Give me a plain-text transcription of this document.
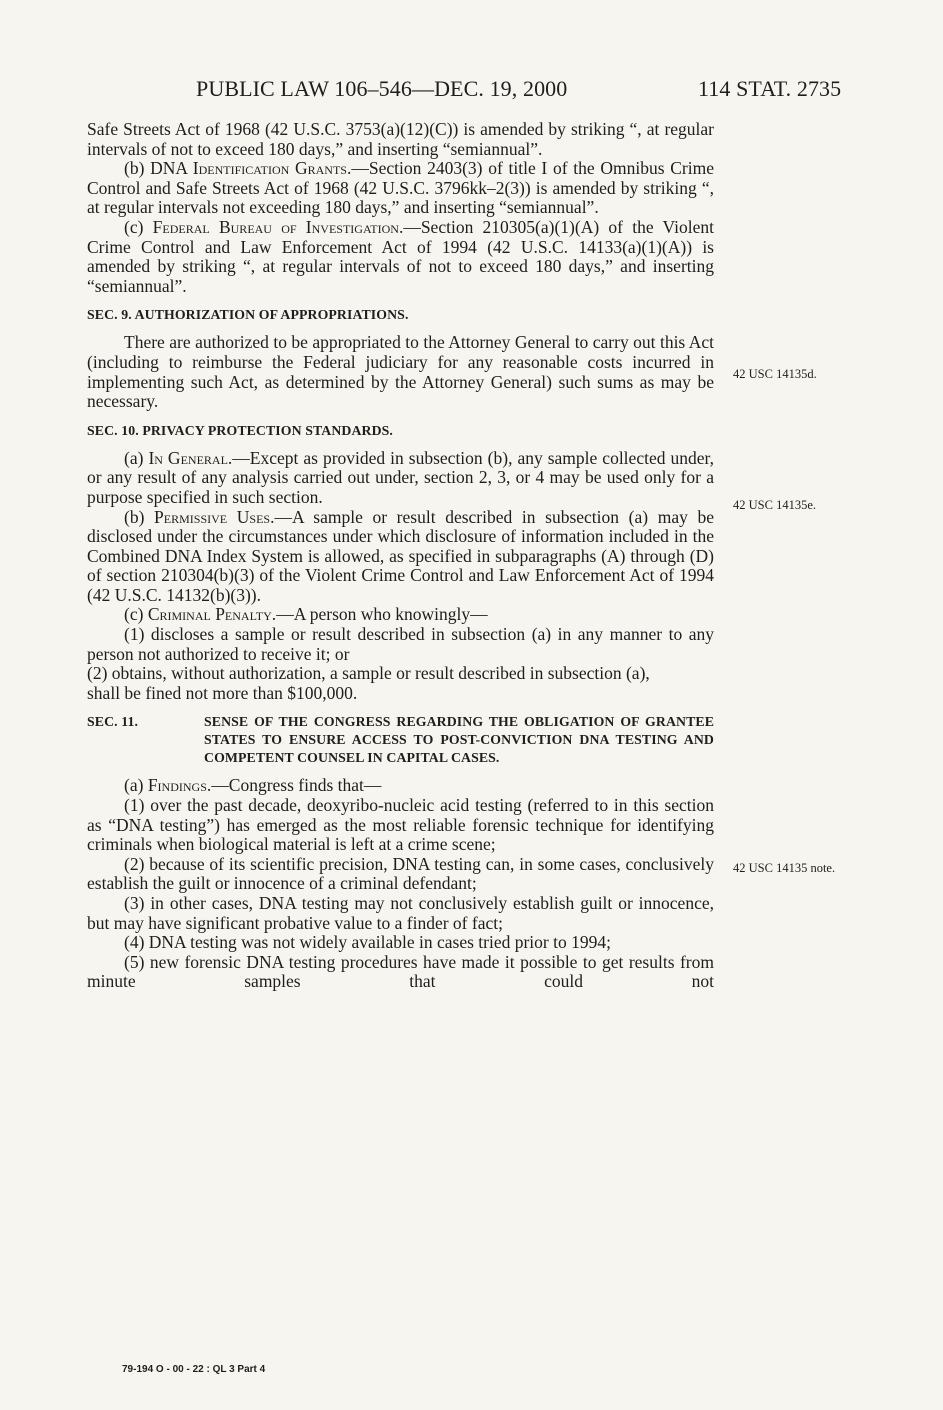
PUBLIC LAW 106–546—DEC. 19, 2000	114 STAT. 2735

Safe Streets Act of 1968 (42 U.S.C. 3753(a)(12)(C)) is amended by striking “, at regular intervals of not to exceed 180 days,” and inserting “semiannual”.

(b) DNA Identification Grants.—Section 2403(3) of title I of the Omnibus Crime Control and Safe Streets Act of 1968 (42 U.S.C. 3796kk–2(3)) is amended by striking “, at regular intervals not exceeding 180 days,” and inserting “semiannual”.

(c) Federal Bureau of Investigation.—Section 210305(a)(1)(A) of the Violent Crime Control and Law Enforcement Act of 1994 (42 U.S.C. 14133(a)(1)(A)) is amended by striking “, at regular intervals of not to exceed 180 days,” and inserting “semiannual”.

SEC. 9. AUTHORIZATION OF APPROPRIATIONS.

There are authorized to be appropriated to the Attorney General to carry out this Act (including to reimburse the Federal judiciary for any reasonable costs incurred in implementing such Act, as determined by the Attorney General) such sums as may be necessary.

SEC. 10. PRIVACY PROTECTION STANDARDS.

(a) In General.—Except as provided in subsection (b), any sample collected under, or any result of any analysis carried out under, section 2, 3, or 4 may be used only for a purpose specified in such section.

(b) Permissive Uses.—A sample or result described in subsection (a) may be disclosed under the circumstances under which disclosure of information included in the Combined DNA Index System is allowed, as specified in subparagraphs (A) through (D) of section 210304(b)(3) of the Violent Crime Control and Law Enforcement Act of 1994 (42 U.S.C. 14132(b)(3)).

(c) Criminal Penalty.—A person who knowingly—

(1) discloses a sample or result described in subsection (a) in any manner to any person not authorized to receive it; or

(2) obtains, without authorization, a sample or result described in subsection (a),

shall be fined not more than $100,000.

SEC. 11.	SENSE OF THE CONGRESS REGARDING THE OBLIGATION OF GRANTEE STATES TO ENSURE ACCESS TO POST-CONVICTION DNA TESTING AND COMPETENT COUNSEL IN CAPITAL CASES.

(a) Findings.—Congress finds that—

(1) over the past decade, deoxyribo-nucleic acid testing (referred to in this section as “DNA testing”) has emerged as the most reliable forensic technique for identifying criminals when biological material is left at a crime scene;

(2) because of its scientific precision, DNA testing can, in some cases, conclusively establish the guilt or innocence of a criminal defendant;

(3) in other cases, DNA testing may not conclusively establish guilt or innocence, but may have significant probative value to a finder of fact;

(4) DNA testing was not widely available in cases tried prior to 1994;

(5) new forensic DNA testing procedures have made it possible to get results from minute samples that could not

42 USC 14135d.
42 USC 14135e.
42 USC 14135 note.
79-194 O - 00 - 22 : QL 3 Part 4
